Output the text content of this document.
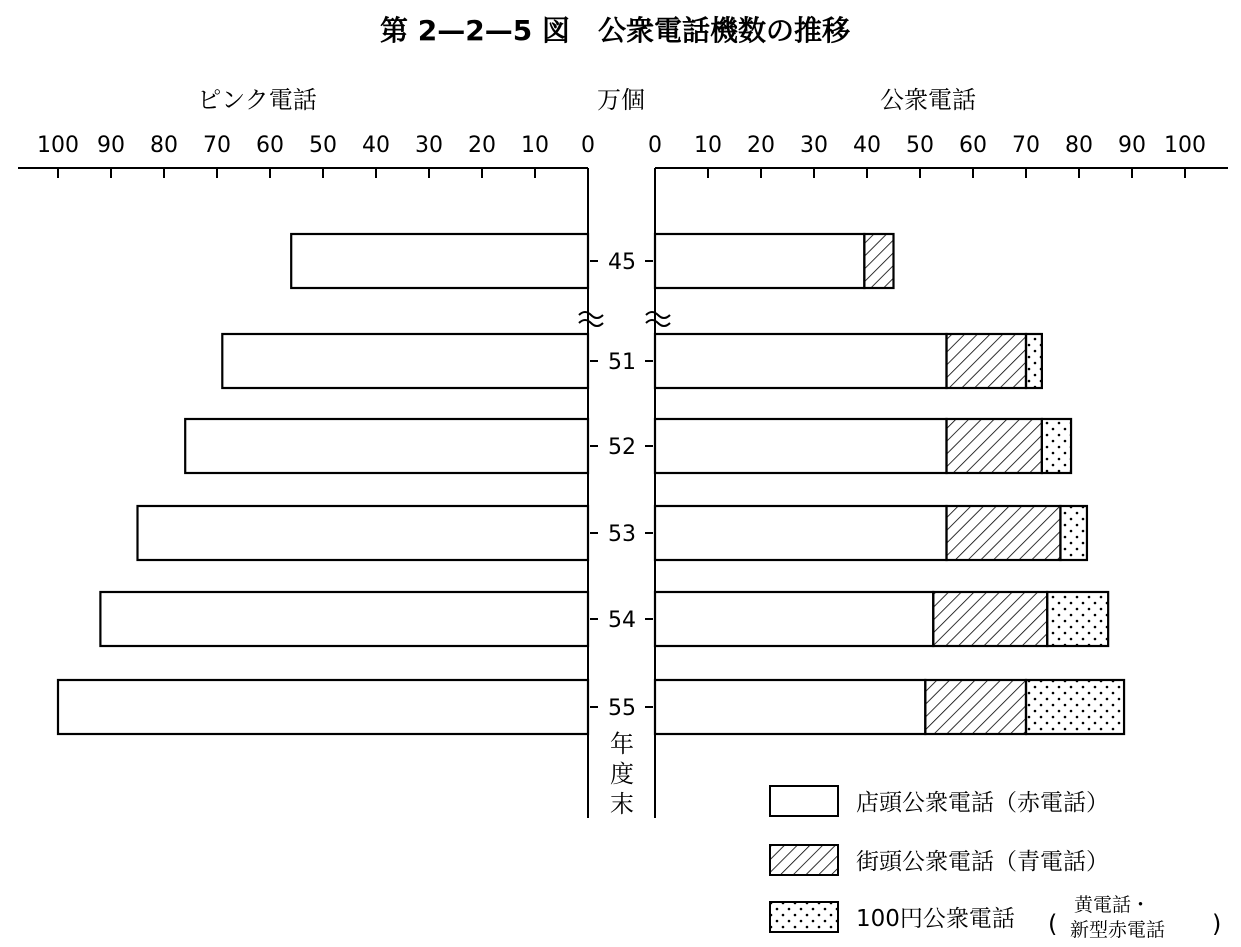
第 2—2—5 図　公衆電話機数の推移
ピンク電話	万個	公衆電話
100 90 80 70 60 50 40 30 20 10 0 0 10 20 30 40 50 60 70 80 90 100
45
51
52
53
54
55
年
度
末	店頭公衆電話（赤電話）
街頭公衆電話（青電話）
100円公衆電話 (
黄電話・
新型赤電話 )
